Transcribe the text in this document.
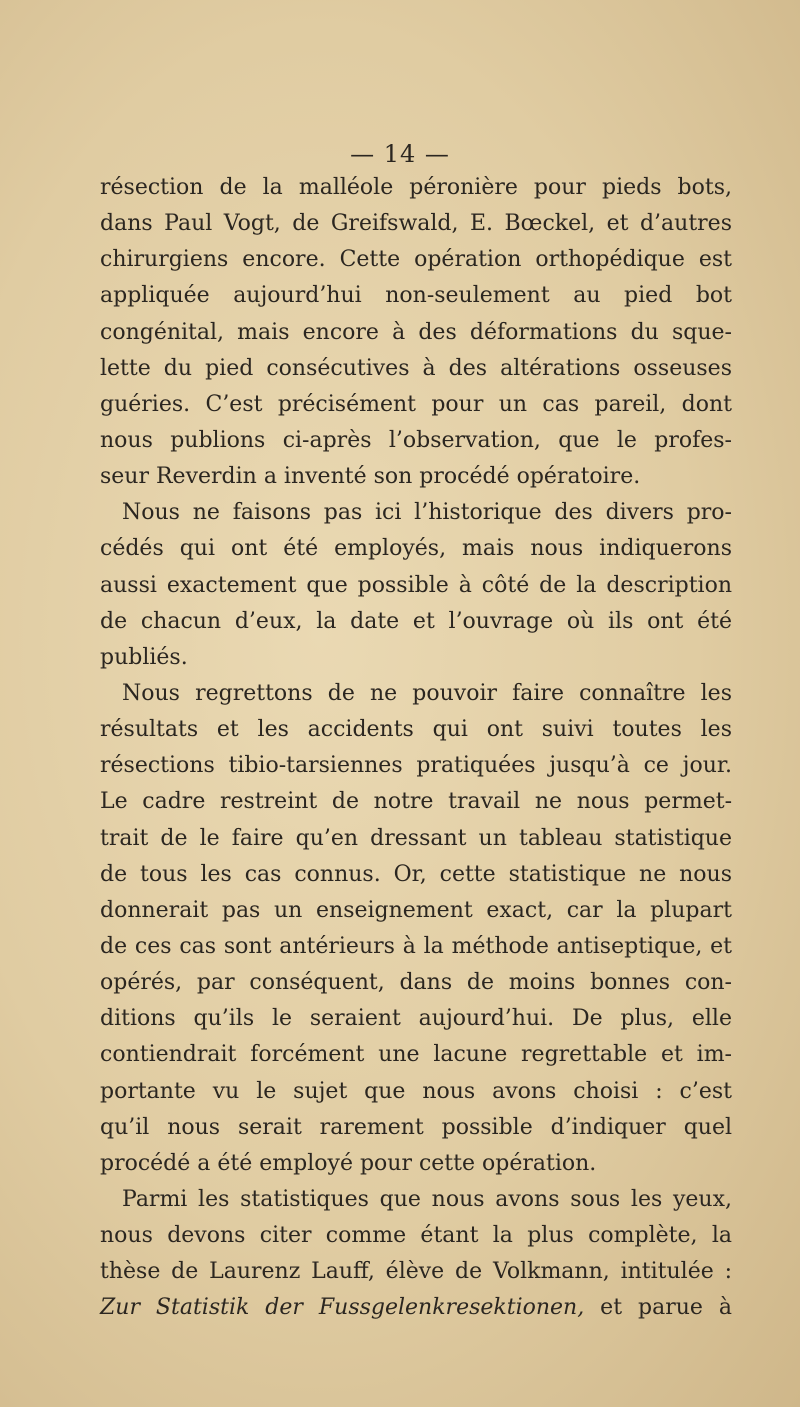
— 14 —
résection de la malléole péronière pour pieds bots,
dans Paul Vogt, de Greifswald, E. Bœckel, et d’autres
chirurgiens encore. Cette opération orthopédique est
appliquée aujourd’hui non-seulement au pied bot
congénital, mais encore à des déformations du sque-
lette du pied consécutives à des altérations osseuses
guéries. C’est précisément pour un cas pareil, dont
nous publions ci-après l’observation, que le profes-
seur Reverdin a inventé son procédé opératoire.
Nous ne faisons pas ici l’historique des divers pro-
cédés qui ont été employés, mais nous indiquerons
aussi exactement que possible à côté de la description
de chacun d’eux, la date et l’ouvrage où ils ont été
publiés.
Nous regrettons de ne pouvoir faire connaître les
résultats et les accidents qui ont suivi toutes les
résections tibio-tarsiennes pratiquées jusqu’à ce jour.
Le cadre restreint de notre travail ne nous permet-
trait de le faire qu’en dressant un tableau statistique
de tous les cas connus. Or, cette statistique ne nous
donnerait pas un enseignement exact, car la plupart
de ces cas sont antérieurs à la méthode antiseptique, et
opérés, par conséquent, dans de moins bonnes con-
ditions qu’ils le seraient aujourd’hui. De plus, elle
contiendrait forcément une lacune regrettable et im-
portante vu le sujet que nous avons choisi : c’est
qu’il nous serait rarement possible d’indiquer quel
procédé a été employé pour cette opération.
Parmi les statistiques que nous avons sous les yeux,
nous devons citer comme étant la plus complète, la
thèse de Laurenz Lauff, élève de Volkmann, intitulée :
Zur Statistik der Fussgelenkresektionen, et parue à
